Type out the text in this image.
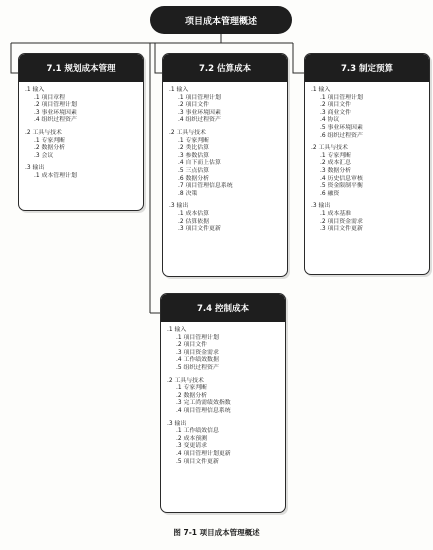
项目成本管理概述
7.1 规划成本管理
.1 输入
.1 项目章程
.2 项目管理计划
.3 事业环境因素
.4 组织过程资产
.2 工具与技术
.1 专家判断
.2 数据分析
.3 会议
.3 输出
.1 成本管理计划
7.2 估算成本
.1 输入
.1 项目管理计划
.2 项目文件
.3 事业环境因素
.4 组织过程资产
.2 工具与技术
.1 专家判断
.2 类比估算
.3 参数估算
.4 自下而上估算
.5 三点估算
.6 数据分析
.7 项目管理信息系统
.8 决策
.3 输出
.1 成本估算
.2 估算依据
.3 项目文件更新
7.3 制定预算
.1 输入
.1 项目管理计划
.2 项目文件
.3 商业文件
.4 协议
.5 事业环境因素
.6 组织过程资产
.2 工具与技术
.1 专家判断
.2 成本汇总
.3 数据分析
.4 历史信息审核
.5 资金限制平衡
.6 融资
.3 输出
.1 成本基准
.2 项目资金需求
.3 项目文件更新
7.4 控制成本
.1 输入
.1 项目管理计划
.2 项目文件
.3 项目资金需求
.4 工作绩效数据
.5 组织过程资产
.2 工具与技术
.1 专家判断
.2 数据分析
.3 完工尚需绩效指数
.4 项目管理信息系统
.3 输出
.1 工作绩效信息
.2 成本预测
.3 变更请求
.4 项目管理计划更新
.5 项目文件更新
图 7-1 项目成本管理概述
